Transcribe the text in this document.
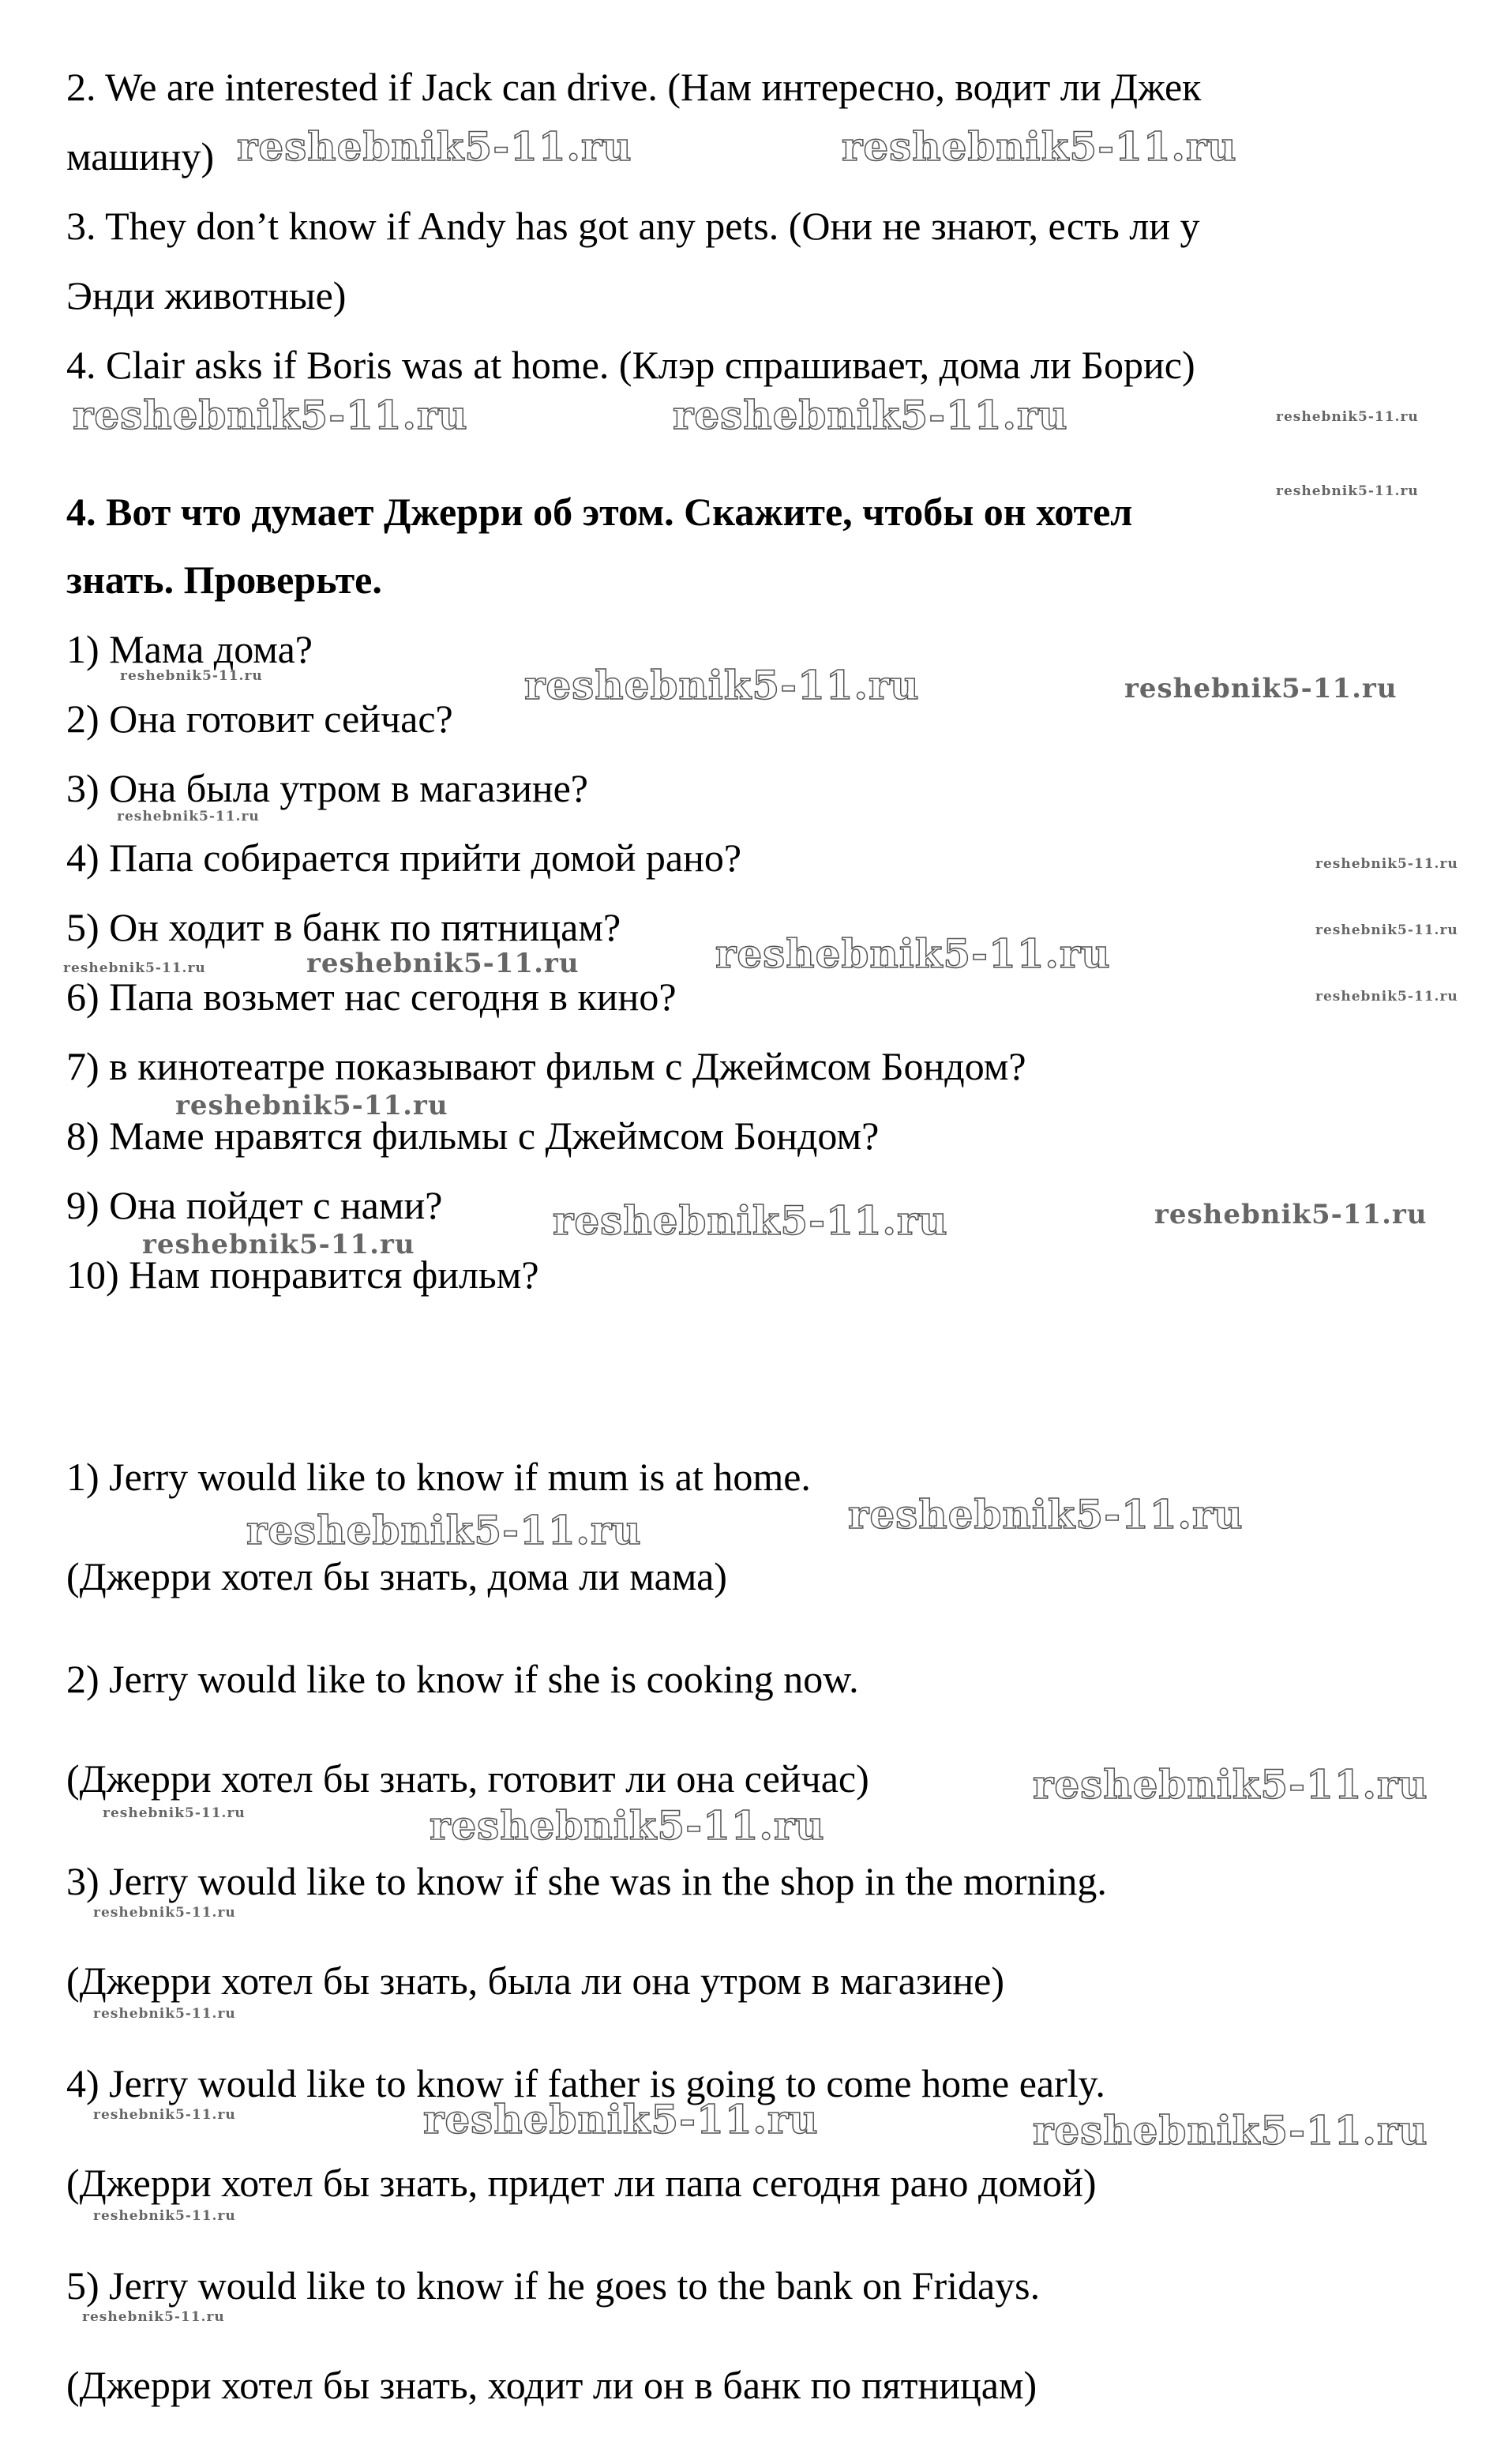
2. We are interested if Jack can drive. (Нам интересно, водит ли Джек
машину)
3. They don’t know if Andy has got any pets. (Они не знают, есть ли у
Энди животные)
4. Clair asks if Boris was at home. (Клэр спрашивает, дома ли Борис)
4. Вот что думает Джерри об этом. Скажите, чтобы он хотел
знать. Проверьте.
1) Мама дома?
2) Она готовит сейчас?
3) Она была утром в магазине?
4) Папа собирается прийти домой рано?
5) Он ходит в банк по пятницам?
6) Папа возьмет нас сегодня в кино?
7) в кинотеатре показывают фильм с Джеймсом Бондом?
8) Маме нравятся фильмы с Джеймсом Бондом?
9) Она пойдет с нами?
10) Нам понравится фильм?
1) Jerry would like to know if mum is at home.
(Джерри хотел бы знать, дома ли мама)
2) Jerry would like to know if she is cooking now.
(Джерри хотел бы знать, готовит ли она сейчас)
3) Jerry would like to know if she was in the shop in the morning.
(Джерри хотел бы знать, была ли она утром в магазине)
4) Jerry would like to know if father is going to come home early.
(Джерри хотел бы знать, придет ли папа сегодня рано домой)
5) Jerry would like to know if he goes to the bank on Fridays.
(Джерри хотел бы знать, ходит ли он в банк по пятницам)
reshebnik5-11.ru	reshebnik5-11.ru
reshebnik5-11.ru	reshebnik5-11.ru	reshebnik5-11.ru
reshebnik5-11.ru
reshebnik5-11.ru	reshebnik5-11.ru	reshebnik5-11.ru
reshebnik5-11.ru
reshebnik5-11.ru
reshebnik5-11.ru
reshebnik5-11.ru	reshebnik5-11.ru	reshebnik5-11.ru
reshebnik5-11.ru
reshebnik5-11.ru
reshebnik5-11.ru	reshebnik5-11.ru
reshebnik5-11.ru
reshebnik5-11.ru	reshebnik5-11.ru
reshebnik5-11.ru
reshebnik5-11.ru	reshebnik5-11.ru
reshebnik5-11.ru
reshebnik5-11.ru
reshebnik5-11.ru	reshebnik5-11.ru	reshebnik5-11.ru
reshebnik5-11.ru
reshebnik5-11.ru
